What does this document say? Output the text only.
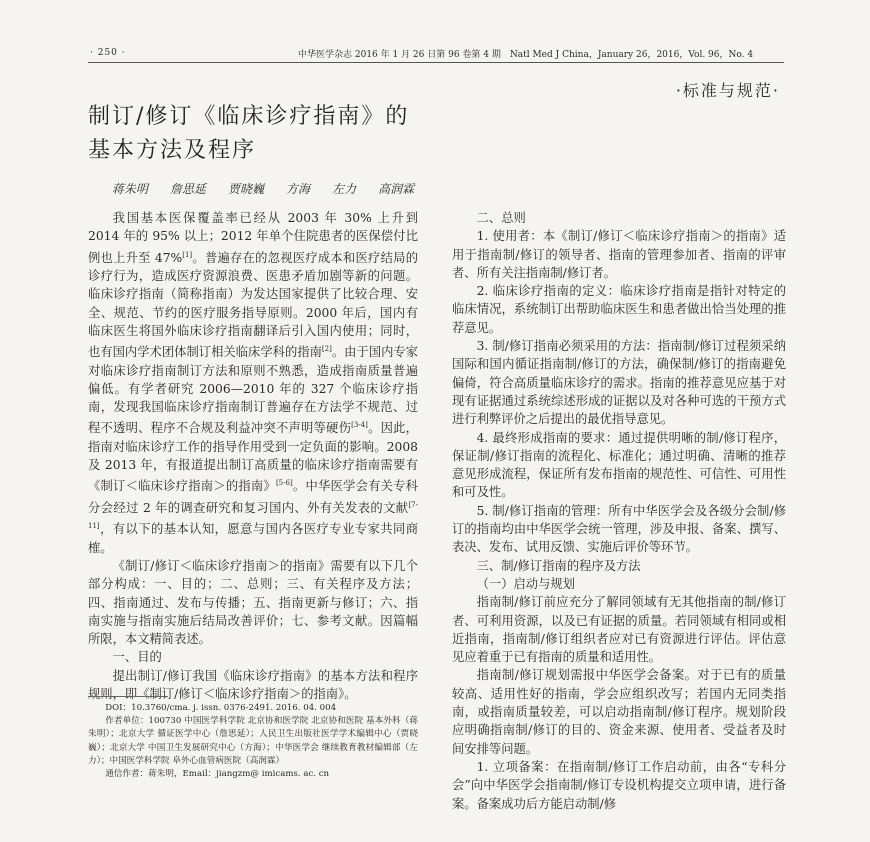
· 250 ·	中华医学杂志 2016 年 1 月 26 日第 96 卷第 4 期　Natl Med J China，January 26，2016，Vol. 96，No. 4
·标准与规范·
制订/修订《临床诊疗指南》的
基本方法及程序
蒋朱明 詹思延 贾晓巍 方海 左力 高润霖

我国基本医保覆盖率已经从 2003 年 30% 上升到 2014 年的 95% 以上；2012 年单个住院患者的医保偿付比例也上升至 47%[1]。普遍存在的忽视医疗成本和医疗结局的诊疗行为，造成医疗资源浪费、医患矛盾加剧等新的问题。临床诊疗指南（简称指南）为发达国家提供了比较合理、安全、规范、节约的医疗服务指导原则。2000 年后，国内有临床医生将国外临床诊疗指南翻译后引入国内使用；同时，也有国内学术团体制订相关临床学科的指南[2]。由于国内专家对临床诊疗指南制订方法和原则不熟悉，造成指南质量普遍偏低。有学者研究 2006—2010 年的 327 个临床诊疗指南，发现我国临床诊疗指南制订普遍存在方法学不规范、过程不透明、程序不合规及利益冲突不声明等硬伤[3-4]。因此，指南对临床诊疗工作的指导作用受到一定负面的影响。2008 及 2013 年，有报道提出制订高质量的临床诊疗指南需要有《制订＜临床诊疗指南＞的指南》[5-6]。中华医学会有关专科分会经过 2 年的调查研究和复习国内、外有关发表的文献[7-11]，有以下的基本认知，愿意与国内各医疗专业专家共同商榷。

《制订/修订＜临床诊疗指南＞的指南》需要有以下几个部分构成：一、目的；二、总则；三、有关程序及方法；四、指南通过、发布与传播；五、指南更新与修订；六、指南实施与指南实施后结局改善评价；七、参考文献。因篇幅所限，本文精简表述。

一、目的

提出制订/修订我国《临床诊疗指南》的基本方法和程序规则，即《制订/修订＜临床诊疗指南＞的指南》。

DOI：10.3760/cma. j. issn. 0376-2491. 2016. 04. 004

作者单位：100730 中国医学科学院 北京协和医学院 北京协和医院 基本外科（蒋朱明）；北京大学 循证医学中心（詹思延）；人民卫生出版社医学学术编辑中心（贾晓巍）；北京大学 中国卫生发展研究中心（方海）；中华医学会 继续教育教材编辑部（左力）；中国医学科学院 阜外心血管病医院（高润霖）

通信作者：蒋朱明，Email：jiangzm@ imicams. ac. cn

二、总则

1. 使用者：本《制订/修订＜临床诊疗指南＞的指南》适用于指南制/修订的领导者、指南的管理参加者、指南的评审者、所有关注指南制/修订者。

2. 临床诊疗指南的定义：临床诊疗指南是指针对特定的临床情况，系统制订出帮助临床医生和患者做出恰当处理的推荐意见。

3. 制/修订指南必须采用的方法：指南制/修订过程须采纳国际和国内循证指南制/修订的方法，确保制/修订的指南避免偏倚，符合高质量临床诊疗的需求。指南的推荐意见应基于对现有证据通过系统综述形成的证据以及对各种可选的干预方式进行利弊评价之后提出的最优指导意见。

4. 最终形成指南的要求：通过提供明晰的制/修订程序，保证制/修订指南的流程化、标准化；通过明确、清晰的推荐意见形成流程，保证所有发布指南的规范性、可信性、可用性和可及性。

5. 制/修订指南的管理：所有中华医学会及各级分会制/修订的指南均由中华医学会统一管理，涉及申报、备案、撰写、表决、发布、试用反馈、实施后评价等环节。

三、制/修订指南的程序及方法

（一）启动与规划

指南制/修订前应充分了解同领域有无其他指南的制/修订者、可利用资源，以及已有证据的质量。若同领域有相同或相近指南，指南制/修订组织者应对已有资源进行评估。评估意见应着重于已有指南的质量和适用性。

指南制/修订规划需报中华医学会备案。对于已有的质量较高、适用性好的指南，学会应组织改写；若国内无同类指南，或指南质量较差，可以启动指南制/修订程序。规划阶段应明确指南制/修订的目的、资金来源、使用者、受益者及时间安排等问题。

1. 立项备案：在指南制/修订工作启动前，由各“专科分会”向中华医学会指南制/修订专设机构提交立项申请，进行备案。备案成功后方能启动制/修
